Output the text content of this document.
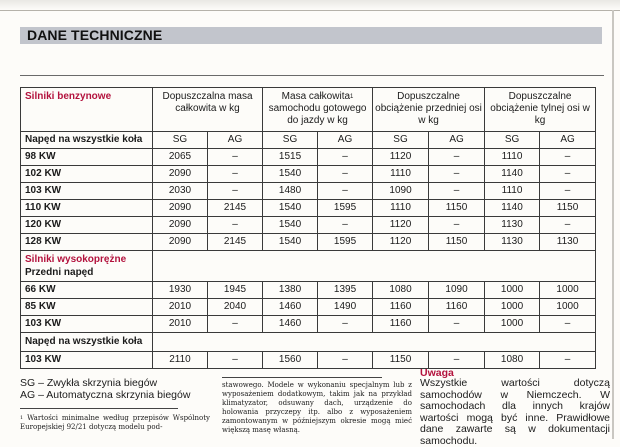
DANE TECHNICZNE
Silniki benzynowe	Dopuszczalna masa całkowita w kg		Masa całkowita$^1$ samochodu gotowego do jazdy w kg		Dopuszczalne obciążenie przedniej osi w kg		Dopuszczalne obciążenie tylnej osi w kg	
Napęd na wszystkie koła	SG	AG	SG	AG	SG	AG	SG	AG
98 KW	2065	–	1515	–	1120	–	1110	–
102 KW	2090	–	1540	–	1110	–	1140	–
103 KW	2030	–	1480	–	1090	–	1110	–
110 KW	2090	2145	1540	1595	1110	1150	1140	1150
120 KW	2090	–	1540	–	1120	–	1130	–
128 KW	2090	2145	1540	1595	1120	1150	1130	1130
Silniki wysokoprężne
Przedni napęd								
66 KW	1930	1945	1380	1395	1080	1090	1000	1000
85 KW	2010	2040	1460	1490	1160	1160	1000	1000
103 KW	2010	–	1460	–	1160	–	1000	–
Napęd na wszystkie koła								
103 KW	2110	–	1560	–	1150	–	1080	–
SG – Zwykła skrzynia biegów
AG – Automatyczna skrzynia biegów
$^1$ Wartości minimalne według przepisów Wspólnoty Europejskiej 92/21 dotyczą modelu pod-
stawowego. Modele w wykonaniu specjalnym lub z wyposażeniem dodatkowym, takim jak na przykład klimatyzator, odsuwany dach, urządzenie do holowania przyczepy itp. albo z wyposażeniem zamontowanym w późniejszym okresie mogą mieć większą masę własną.
Uwaga
Wszystkie wartości dotyczą samochodów w Niemczech. W samochodach dla innych krajów wartości mogą być inne. Prawidłowe dane zawarte są w dokumentacji samochodu.
